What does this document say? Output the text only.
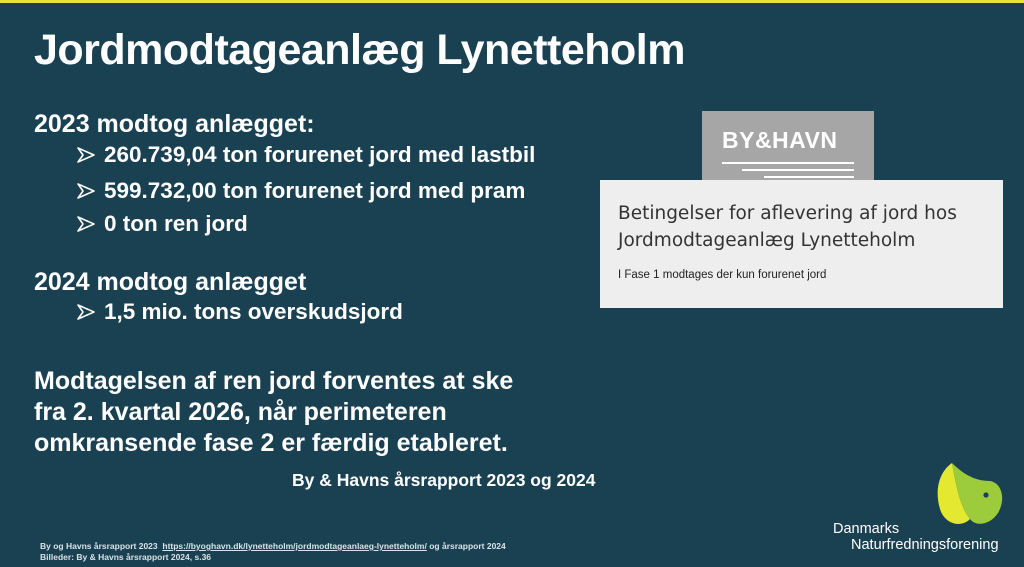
Jordmodtageanlæg Lynetteholm
2023 modtog anlægget:
260.739,04 ton forurenet jord med lastbil
599.732,00 ton forurenet jord med pram
0 ton ren jord
2024 modtog anlægget
1,5 mio. tons overskudsjord
Modtagelsen af ren jord forventes at ske
fra 2. kvartal 2026, når perimeteren
omkransende fase 2 er færdig etableret.
By & Havns årsrapport 2023 og 2024
BY&HAVN
Betingelser for aflevering af jord hos
Jordmodtageanlæg Lynetteholm
I Fase 1 modtages der kun forurenet jord
By og Havns årsrapport 2023 https://byoghavn.dk/lynetteholm/jordmodtageanlaeg-lynetteholm/ og årsrapport 2024
Billeder: By & Havns årsrapport 2024, s.36
Danmarks
Naturfredningsforening
